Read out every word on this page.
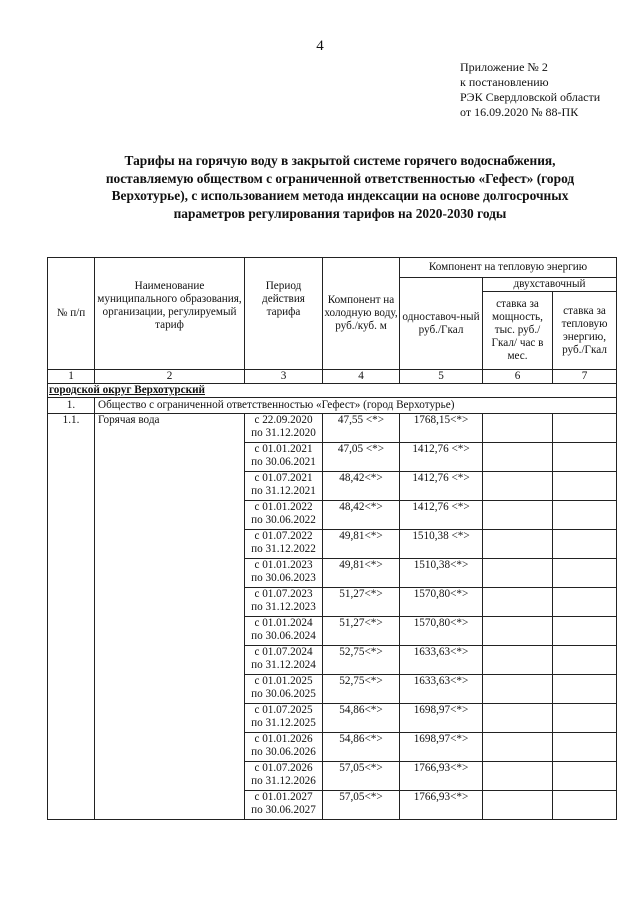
4
Приложение № 2
к постановлению
РЭК Свердловской области
от 16.09.2020 № 88-ПК
Тарифы на горячую воду в закрытой системе горячего водоснабжения,
поставляемую обществом с ограниченной ответственностью «Гефест» (город
Верхотурье), с использованием метода индексации на основе долгосрочных
параметров регулирования тарифов на 2020-2030 годы
№ п/п	Наименование муниципального образования, организации, регулируемый тариф	Период действия тарифа	Компонент на холодную воду, руб./куб. м	Компонент на тепловую энергию		
				одноставоч-ный руб./Гкал	двухставочный	
					ставка за мощность, тыс. руб./Гкал/ час в мес.	ставка за тепловую энергию, руб./Гкал
1	2	3	4	5	6	7
городской округ Верхотурский						
1.	Общество с ограниченной ответственностью «Гефест» (город Верхотурье)					
1.1.	Горячая вода	с 22.09.2020
по 31.12.2020	47,55 <*>	1768,15<*>		

		с 01.01.2021
по 30.06.2021	47,05 <*>	1412,76 <*>		

		с 01.07.2021
по 31.12.2021	48,42<*>	1412,76 <*>		

		с 01.01.2022
по 30.06.2022	48,42<*>	1412,76 <*>		

		с 01.07.2022
по 31.12.2022	49,81<*>	1510,38 <*>		

		с 01.01.2023
по 30.06.2023	49,81<*>	1510,38<*>		

		с 01.07.2023
по 31.12.2023	51,27<*>	1570,80<*>		

		с 01.01.2024
по 30.06.2024	51,27<*>	1570,80<*>		

		с 01.07.2024
по 31.12.2024	52,75<*>	1633,63<*>		

		с 01.01.2025
по 30.06.2025	52,75<*>	1633,63<*>		

		с 01.07.2025
по 31.12.2025	54,86<*>	1698,97<*>		

		с 01.01.2026
по 30.06.2026	54,86<*>	1698,97<*>		

		с 01.07.2026
по 31.12.2026	57,05<*>	1766,93<*>		

		с 01.01.2027
по 30.06.2027	57,05<*>	1766,93<*>		
